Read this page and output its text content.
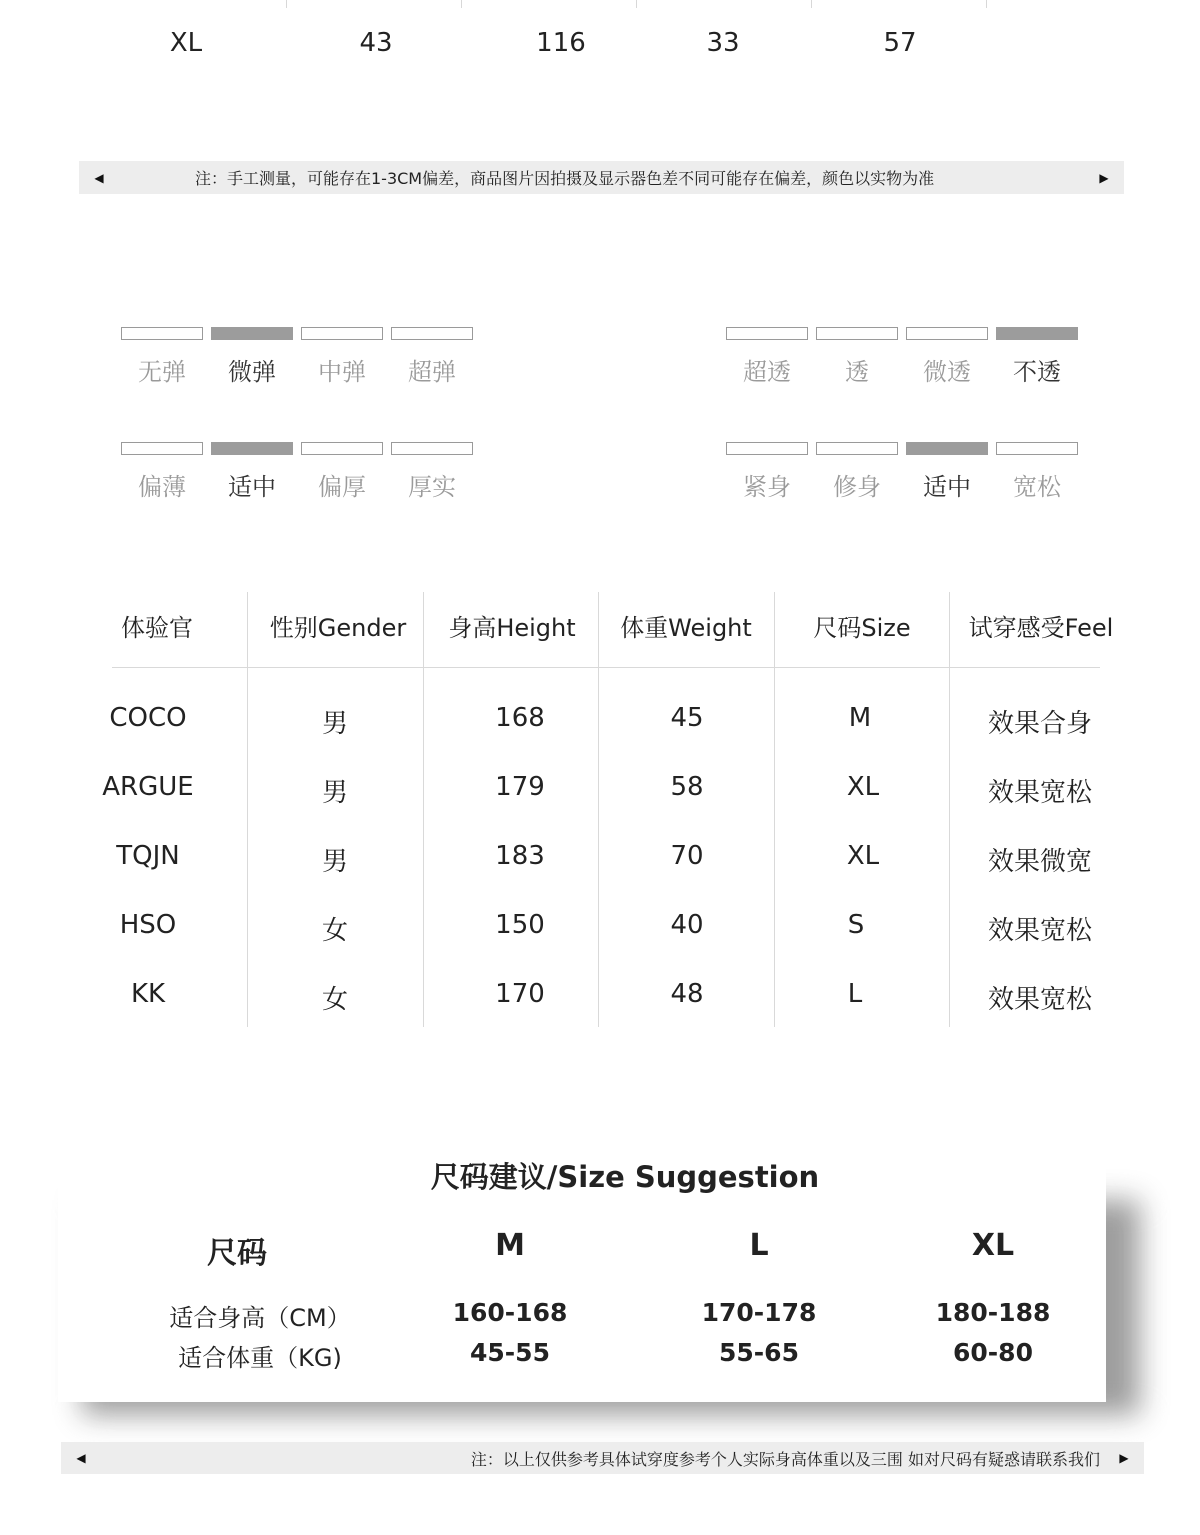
XL	43	116	33	57
◀	注：手工测量，可能存在1-3CM偏差，商品图片因拍摄及显示器色差不同可能存在偏差，颜色以实物为准	▶
无弹	微弹	中弹	超弹	超透	透	微透	不透
偏薄	适中	偏厚	厚实	紧身	修身	适中	宽松
体验官	性别Gender	身高Height	体重Weight	尺码Size	试穿感受Feel
COCO	男	168	45	M	效果合身
ARGUE	男	179	58	XL	效果宽松
TQJN	男	183	70	XL	效果微宽
HSO	女	150	40	S	效果宽松
KK	女	170	48	L	效果宽松
尺码建议/Size Suggestion
尺码	M	L	XL
适合身高（CM）	160-168	170-178	180-188
适合体重（KG)	45-55	55-65	60-80
◀	注：以上仅供参考具体试穿度参考个人实际身高体重以及三围 如对尺码有疑惑请联系我们	▶
